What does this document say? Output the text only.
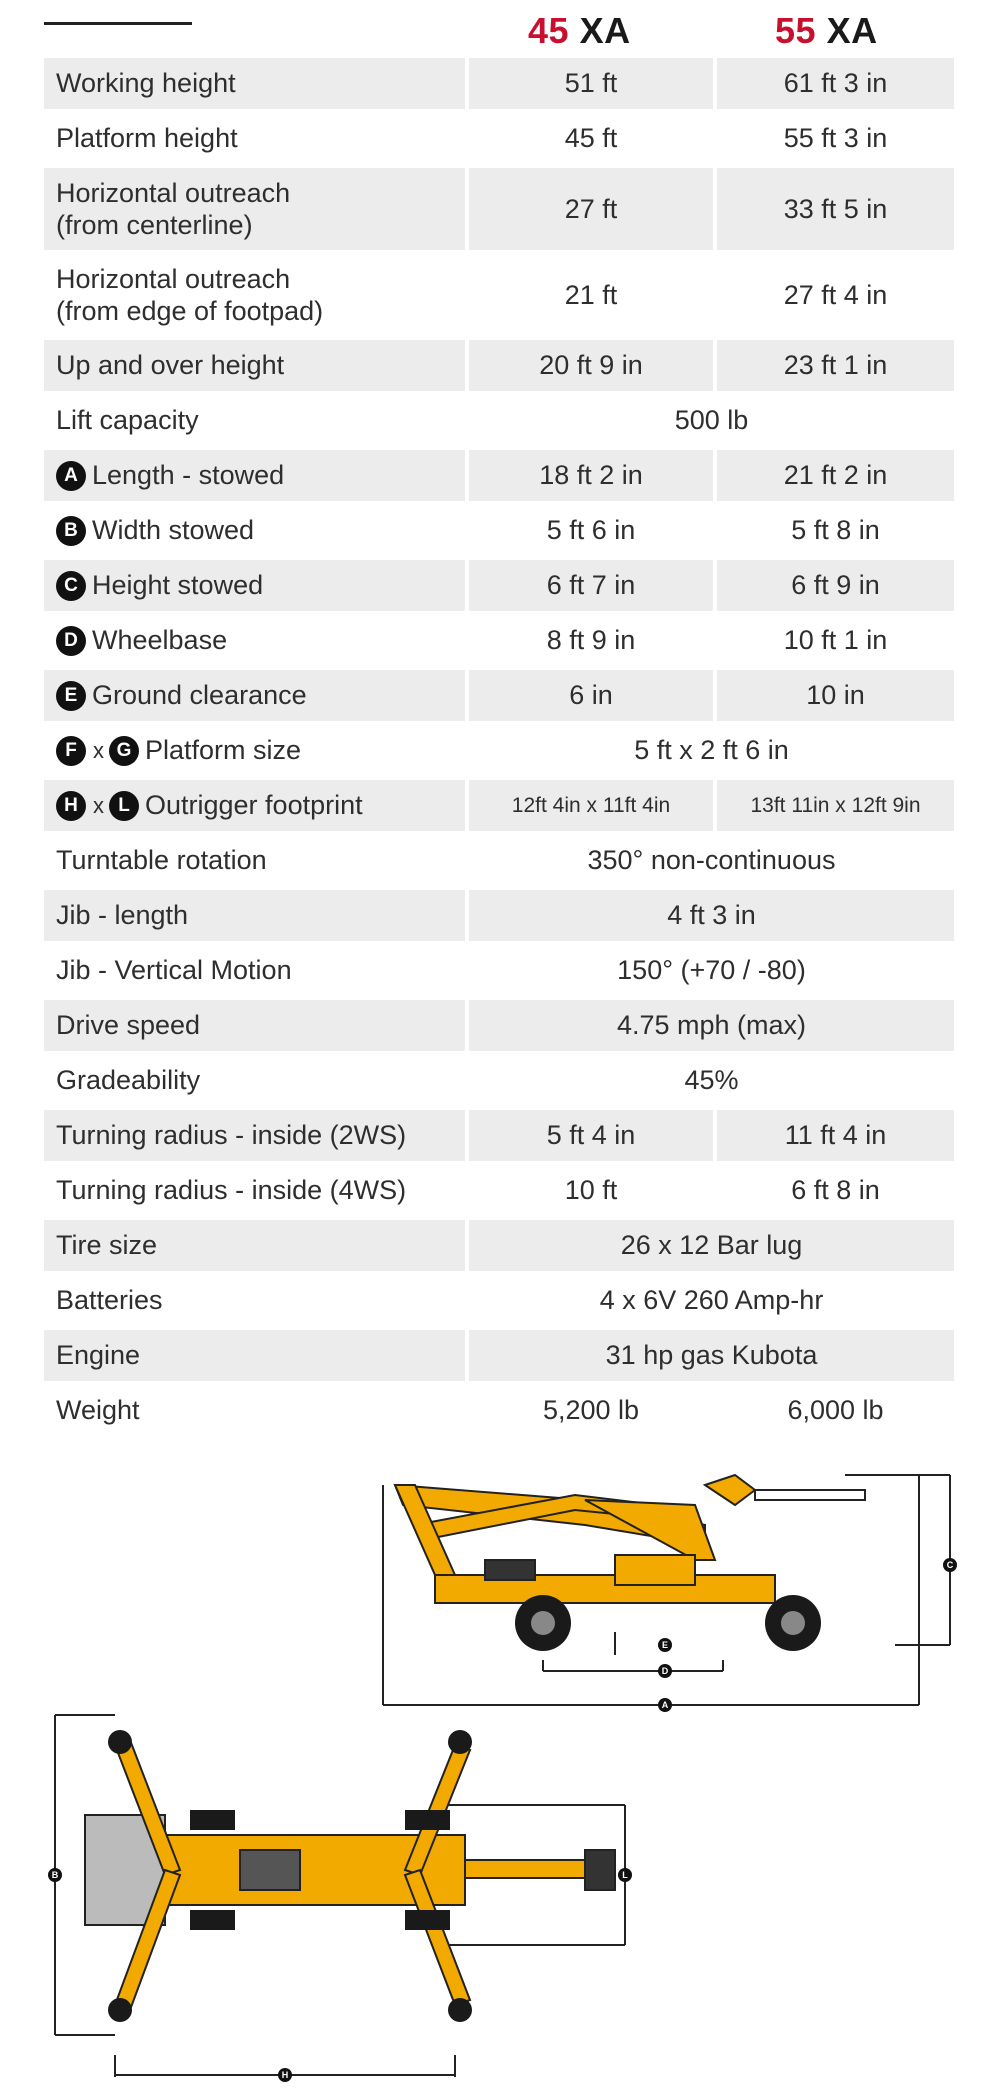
45 XA	55 XA
Working height	51 ft	61 ft 3 in
Platform height	45 ft	55 ft 3 in
Horizontal outreach
(from centerline)
27 ft	33 ft 5 in
Horizontal outreach
(from edge of footpad)
21 ft	27 ft 4 in
Up and over height	20 ft 9 in	23 ft 1 in
Lift capacity	500 lb
A Length - stowed	18 ft 2 in	21 ft 2 in
B Width stowed	5 ft 6 in	5 ft 8 in
C Height stowed	6 ft 7 in	6 ft 9 in
D Wheelbase	8 ft 9 in	10 ft 1 in
E Ground clearance	6 in	10 in
F x G Platform size	5 ft x 2 ft 6 in
H x L Outrigger footprint	12ft 4in x 11ft 4in	13ft 11in x 12ft 9in
Turntable rotation	350° non-continuous
Jib - length	4 ft 3 in
Jib - Vertical Motion	150° (+70 / -80)
Drive speed	4.75 mph (max)
Gradeability	45%
Turning radius - inside (2WS)	5 ft 4 in	11 ft 4 in
Turning radius - inside (4WS)	10 ft	6 ft 8 in
Tire size	26 x 12 Bar lug
Batteries	4 x 6V 260 Amp-hr
Engine	31 hp gas Kubota
Weight	5,200 lb	6,000 lb
E
D
A
C
B
H
L
